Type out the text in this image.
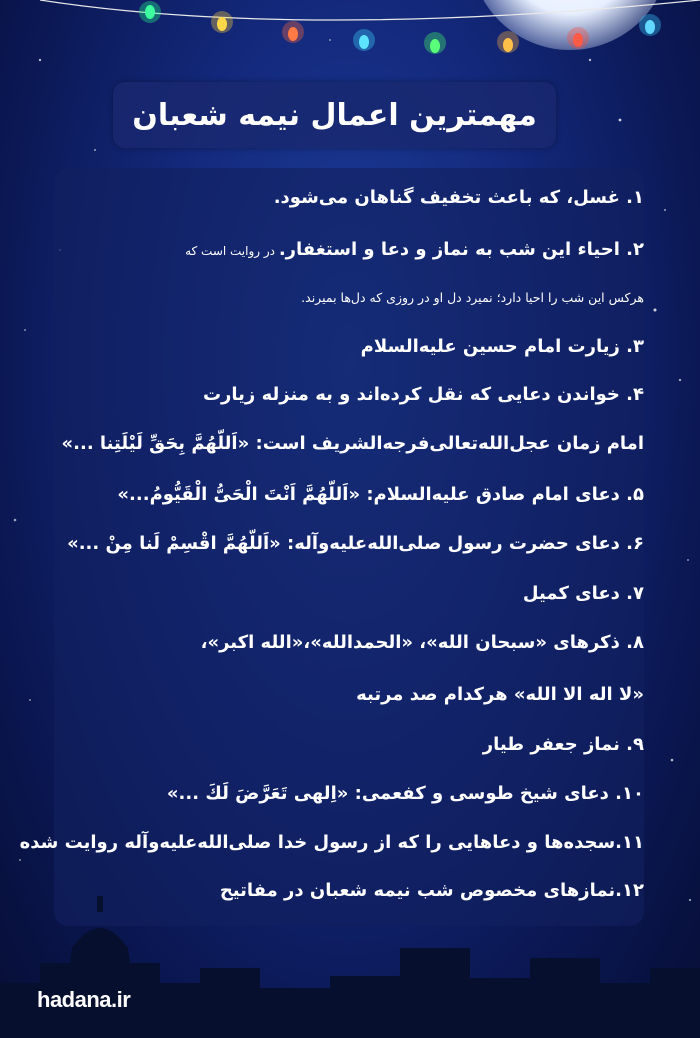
مهمترین اعمال نیمه شعبان
۱. غسل، که باعث تخفیف گناهان می‌شود.
۲. احیاء این شب به نماز و دعا و استغفار. در روایت است که
هرکس این شب را احیا دارد؛ نمیرد دل او در روزی که دل‌ها بمیرند.
۳. زیارت امام حسین علیه‌السلام
۴. خواندن دعایی که نقل کرده‌اند و به منزله زیارت
امام زمان عجل‌الله‌تعالی‌فرجه‌الشریف است: «اَللّهُمَّ بِحَقِّ لَيْلَتِنا ...»
۵. دعای امام صادق علیه‌السلام: «اَللّهُمَّ اَنْتَ الْحَیُّ الْقَیُّومُ...»
۶. دعای حضرت رسول صلی‌الله‌علیه‌وآله: «اَللّهُمَّ اقْسِمْ لَنا مِنْ ...»
۷. دعای کمیل
۸. ذکرهای «سبحان الله»، «الحمدالله»،«الله اکبر»،
«لا اله الا الله» هرکدام صد مرتبه
۹. نماز جعفر طیار
۱۰. دعای شیخ طوسی و کفعمی: «اِلهی تَعَرَّضَ لَكَ ...»
۱۱.سجده‌ها و دعاهایی را که از رسول خدا صلی‌الله‌علیه‌وآله روایت شده
۱۲.نمازهای مخصوص شب نیمه شعبان در مفاتیح
hadana.ir
